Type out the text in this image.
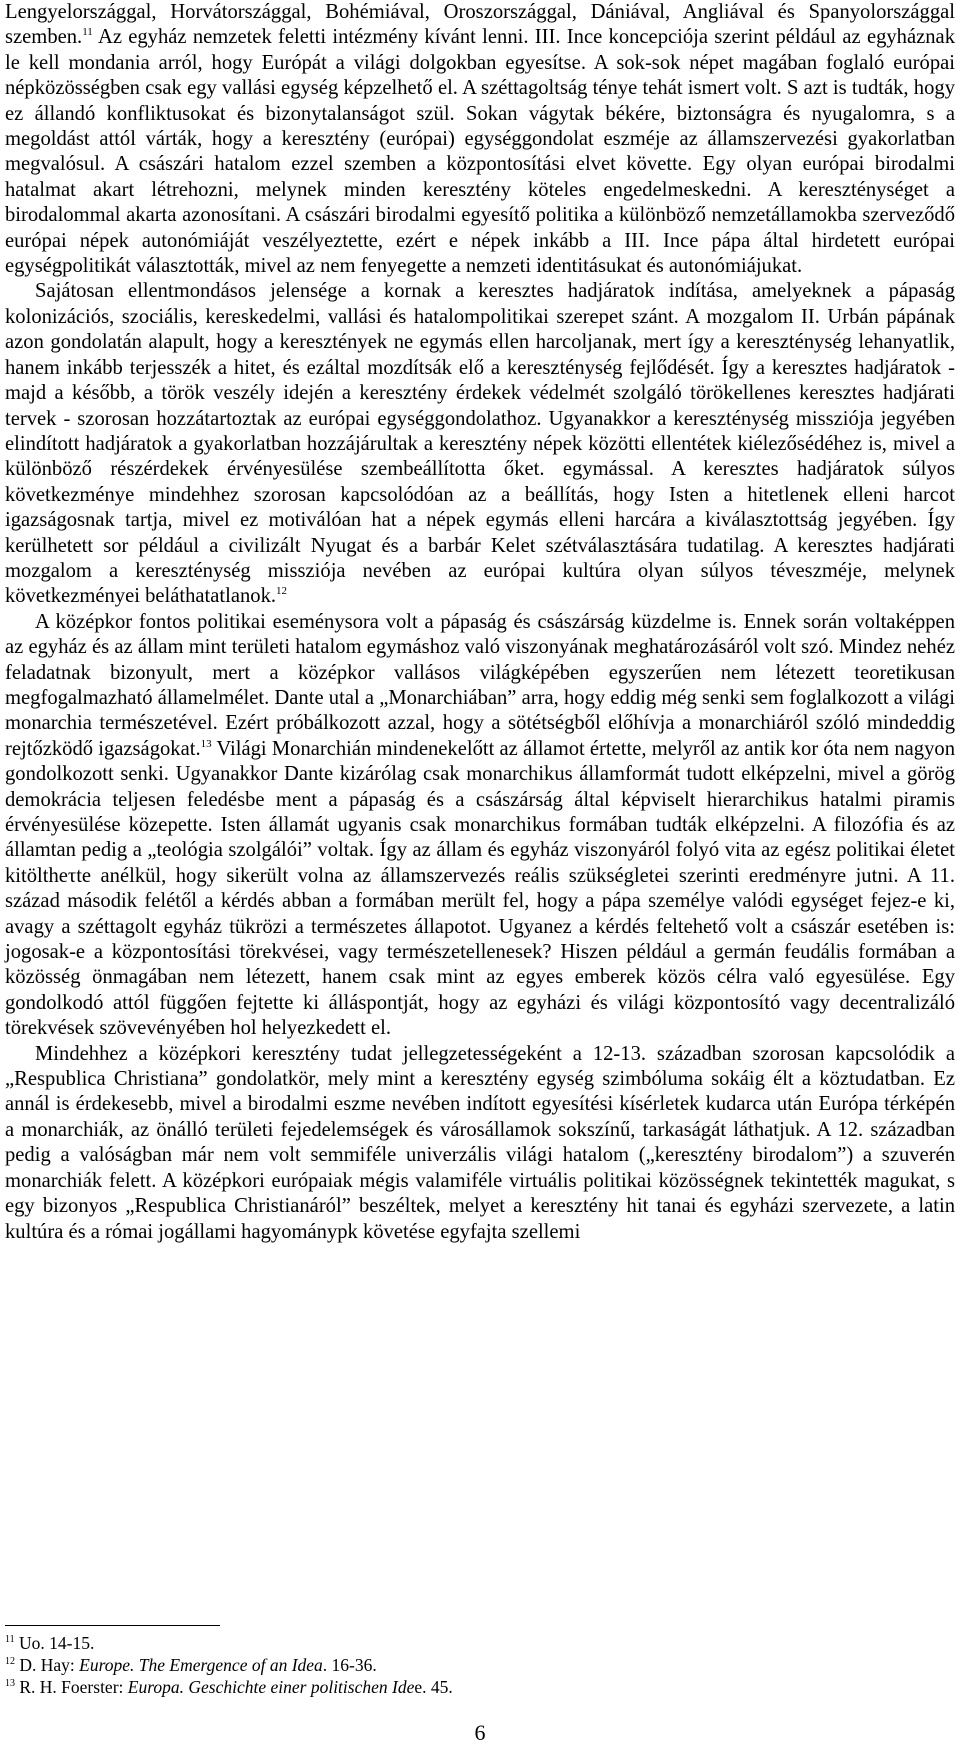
Lengyelországgal, Horvátországgal, Bohémiával, Oroszországgal, Dániával, Angliával és Spanyolországgal szemben.$^{11}$ Az egyház nemzetek feletti intézmény kívánt lenni. III. Ince koncepciója szerint például az egyháznak le kell mondania arról, hogy Európát a világi dolgokban egyesítse. A sok-sok népet magában foglaló európai népközösségben csak egy vallási egység képzelhető el. A széttagoltság ténye tehát ismert volt. S azt is tudták, hogy ez állandó konfliktusokat és bizonytalanságot szül. Sokan vágytak békére, biztonságra és nyugalomra, s a megoldást attól várták, hogy a keresztény (európai) egységgondolat eszméje az államszervezési gyakorlatban megvalósul. A császári hatalom ezzel szemben a központosítási elvet követte. Egy olyan európai birodalmi hatalmat akart létrehozni, melynek minden keresztény köteles engedelmeskedni. A kereszténységet a birodalommal akarta azonosítani. A császári birodalmi egyesítő politika a különböző nemzetállamokba szerveződő európai népek autonómiáját veszélyeztette, ezért e népek inkább a III. Ince pápa által hirdetett európai egységpolitikát választották, mivel az nem fenyegette a nemzeti identitásukat és autonómiájukat.

Sajátosan ellentmondásos jelensége a kornak a keresztes hadjáratok indítása, amelyeknek a pápaság kolonizációs, szociális, kereskedelmi, vallási és hatalompolitikai szerepet szánt. A mozgalom II. Urbán pápának azon gondolatán alapult, hogy a keresztények ne egymás ellen harcoljanak, mert így a kereszténység lehanyatlik, hanem inkább terjesszék a hitet, és ezáltal mozdítsák elő a kereszténység fejlődését. Így a keresztes hadjáratok - majd a később, a török veszély idején a keresztény érdekek védelmét szolgáló törökellenes keresztes hadjárati tervek - szorosan hozzátartoztak az európai egységgondolathoz. Ugyanakkor a kereszténység missziója jegyében elindított hadjáratok a gyakorlatban hozzájárultak a keresztény népek közötti ellentétek kiélezősédéhez is, mivel a különböző részérdekek érvényesülése szembeállította őket. egymással. A keresztes hadjáratok súlyos következménye mindehhez szorosan kapcsolódóan az a beállítás, hogy Isten a hitetlenek elleni harcot igazságosnak tartja, mivel ez motiválóan hat a népek egymás elleni harcára a kiválasztottság jegyében. Így kerülhetett sor például a civilizált Nyugat és a barbár Kelet szétválasztására tudatilag. A keresztes hadjárati mozgalom a kereszténység missziója nevében az európai kultúra olyan súlyos téveszméje, melynek következményei beláthatatlanok.$^{12}$

A középkor fontos politikai eseménysora volt a pápaság és császárság küzdelme is. Ennek során voltaképpen az egyház és az állam mint területi hatalom egymáshoz való viszonyának meghatározásáról volt szó. Mindez nehéz feladatnak bizonyult, mert a középkor vallásos világképében egyszerűen nem létezett teoretikusan megfogalmazható államelmélet. Dante utal a „Monarchiában” arra, hogy eddig még senki sem foglalkozott a világi monarchia természetével. Ezért próbálkozott azzal, hogy a sötétségből előhívja a monarchiáról szóló mindeddig rejtőzködő igazságokat.$^{13}$ Világi Monarchián mindenekelőtt az államot értette, melyről az antik kor óta nem nagyon gondolkozott senki. Ugyanakkor Dante kizárólag csak monarchikus államformát tudott elképzelni, mivel a görög demokrácia teljesen feledésbe ment a pápaság és a császárság által képviselt hierarchikus hatalmi piramis érvényesülése közepette. Isten államát ugyanis csak monarchikus formában tudták elképzelni. A filozófia és az államtan pedig a „teológia szolgálói” voltak. Így az állam és egyház viszonyáról folyó vita az egész politikai életet kitöltheτte anélkül, hogy sikerült volna az államszervezés reális szükségletei szerinti eredményre jutni. A 11. század második felétől a kérdés abban a formában merült fel, hogy a pápa személye valódi egységet fejez-e ki, avagy a széttagolt egyház tükrözi a természetes állapotot. Ugyanez a kérdés feltehető volt a császár esetében is: jogosak-e a központosítási törekvései, vagy természetellenesek? Hiszen például a germán feudális formában a közösség önmagában nem létezett, hanem csak mint az egyes emberek közös célra való egyesülése. Egy gondolkodó attól függően fejtette ki álláspontját, hogy az egyházi és világi központosító vagy decentralizáló törekvések szövevényében hol helyezkedett el.

Mindehhez a középkori keresztény tudat jellegzetességeként a 12-13. században szorosan kapcsolódik a „Respublica Christiana” gondolatkör, mely mint a keresztény egység szimbóluma sokáig élt a köztudatban. Ez annál is érdekesebb, mivel a birodalmi eszme nevében indított egyesítési kísérletek kudarca után Európa térképén a monarchiák, az önálló területi fejedelemségek és városállamok sokszínű, tarkaságát láthatjuk. A 12. században pedig a valóságban már nem volt semmiféle univerzális világi hatalom („keresztény birodalom”) a szuverén monarchiák felett. A középkori európaiak mégis valamiféle virtuális politikai közösségnek tekintették magukat, s egy bizonyos „Respublica Christianáról” beszéltek, melyet a keresztény hit tanai és egyházi szervezete, a latin kultúra és a római jogállami hagyománypk követése egyfajta szellemi

$^{11}$ Uo. 14-15.

$^{12}$ D. Hay: Europe. The Emergence of an Idea. 16-36.

$^{13}$ R. H. Foerster: Europa. Geschichte einer politischen Idee. 45.

6
